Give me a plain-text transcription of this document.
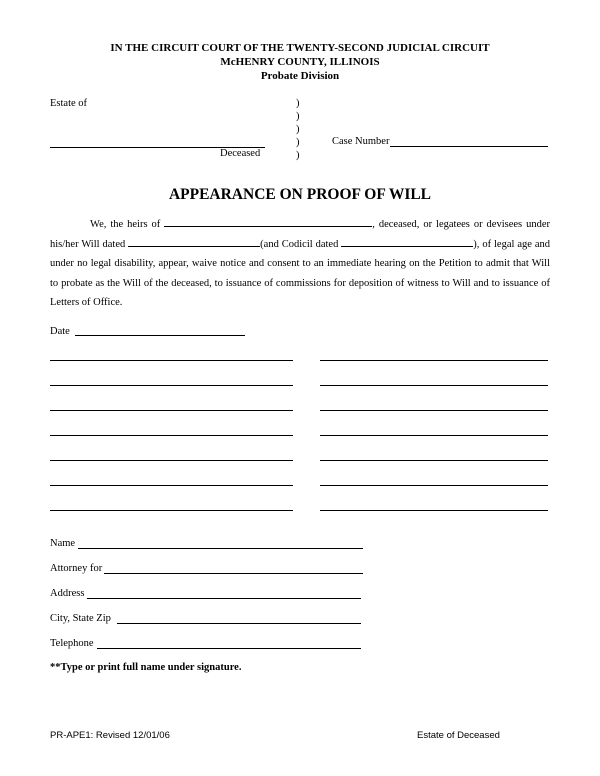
IN THE CIRCUIT COURT OF THE TWENTY-SECOND JUDICIAL CIRCUIT
McHENRY COUNTY, ILLINOIS
Probate Division
Estate of
Deceased
)
)
)
)
)
Case Number
APPEARANCE ON PROOF OF WILL

We, the heirs of	, deceased, or legatees or devisees under his/her Will dated	(and Codicil dated	), of legal age and under no legal disability, appear, waive notice and consent to an immediate hearing on the Petition to admit that Will to probate as the Will of the deceased, to issuance of commissions for deposition of witness to Will and to issuance of Letters of Office.

Date
Name
Attorney for
Address
City, State Zip
Telephone
**Type or print full name under signature.
PR-APE1: Revised 12/01/06	Estate of Deceased
